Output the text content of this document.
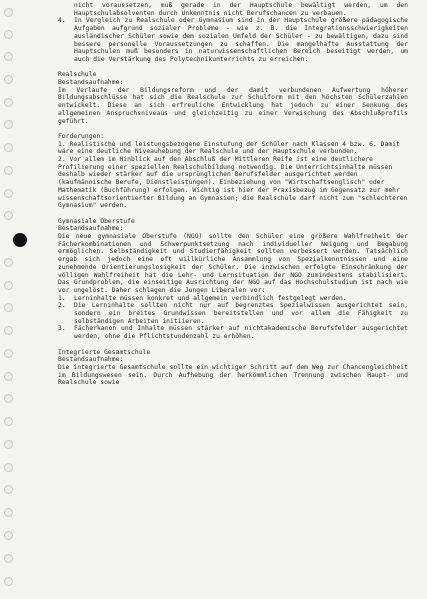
nicht voraussetzen, muß gerade in der Hauptschule bewältigt werden, um den Hauptschulabsolventen durch Unkenntnis nicht Berufschancen zu verbauen.

4. In Vergleich zu Realschule oder Gymnasium sind in der Hauptschule größere pädagogische Aufgaben aufgrund sozialer Probleme - wie z. B. die Integrationsschwierigkeiten ausländischer Schüler sowie dem sozialen Umfeld der Schüler - zu bewältigen, dazu sind bessere personelle Voraussetzungen zu schaffen. Die mangelhafte Ausstattung der Hauptschulen muß besonders in naturwissenschaftlichen Bereich beseitigt werden, um auch die Verstärkung des Polytechnikunterrichts zu erreichen.

Realschule
Bestandsaufnahme:

Im Verlaufe der Bildungsreform und der damit verbundenen Aufwertung höherer Bildungsabschlüsse hat sich die Realschule zur Schulform mit den höchsten Schülerzahlen entwickelt. Diese an sich erfreuliche Entwicklung hat jedoch zu einer Senkung des allgemeinen Anspruchsniveaus und gleichzeitig zu einer Verwischung des Abschlußprofils geführt.

Forderungen:
1. Realistische und leistungsbezogene Einstufung der Schüler nach Klassen 4 bzw. 6. Damit wäre eine deutliche Niveauhebung der Realschule und der Hauptschule verbunden.
2. Vor allem im Hinblick auf den Abschluß der Mittleren Reife ist eine deutlichere Profilierung einer speziellen Realschulbildung notwendig. Die Unterrichtsinhalte müssen deshalb wieder stärker auf die ursprünglichen Berufsfelder ausgerichtet werden (kaufmännische Berufe, Dienstleistungen). Einbeziehung von "Wirtschaftsenglisch" oder Mathematik (Buchführung) erfolgen. Wichtig ist hier der Praxisbezug im Gegensatz zur mehr wissenschaftsorientierter Bildung an Gymnasien; die Realschule darf nicht zum "schlechteren Gymnasium" werden.
Gymnasiale Oberstufe
Bestandsaufnahme:

Die neue gymnasiale Oberstufe (NGO) sollte den Schüler eine größere Wahlfreiheit der Fächerkombinationen und Schwerpunktsetzung nach individueller Neigung und Begabung ermöglichen. Selbständigkeit und Studierfähigkeit sollten verbessert werden. Tatsächlich ergab sich jedoch eine oft willkürliche Ansammlung von Spezialkenntnissen und eine zunehmende Orientierungslosigkeit der Schüler. Die inzwischen erfolgte Einschränkung der völligen Wahlfreiheit hat die Lehr- und Lernsituation der NGO zumindestens stabilisiert. Das Grundproblem, die einseitige Ausrichtung der NGO auf das Hochschulstudium ist nach wie vor ungelöst. Daher schlagen die Jungen Liberalen vor:

1. Lerninhalte müssen konkret und allgemein verbindlich festgelegt werden.

2. Die Lerninhalte sollten nicht nur auf begrenztes Spezialwissen ausgerichtet sein, sondern ein breites Grundwissen bereitstellen und vor allem die Fähigkeit zu selbständigen Arbeiten initiieren.

3. Fächerkanon und Inhalte müssen stärker auf nichtakademische Berufsfelder ausgerichtet werden, ohne die Pflichtstundenzahl zu erhöhen.

Integrierte Gesamtschule
Bestandsaufnahme:

Die integrierte Gesamtschule sollte ein wichtiger Schritt auf dem Weg zur Chancengleichheit im Bildungswesen sein. Durch Aufhebung der herkömmlichen Trennung zwischen Haupt- und Realschule sowie
